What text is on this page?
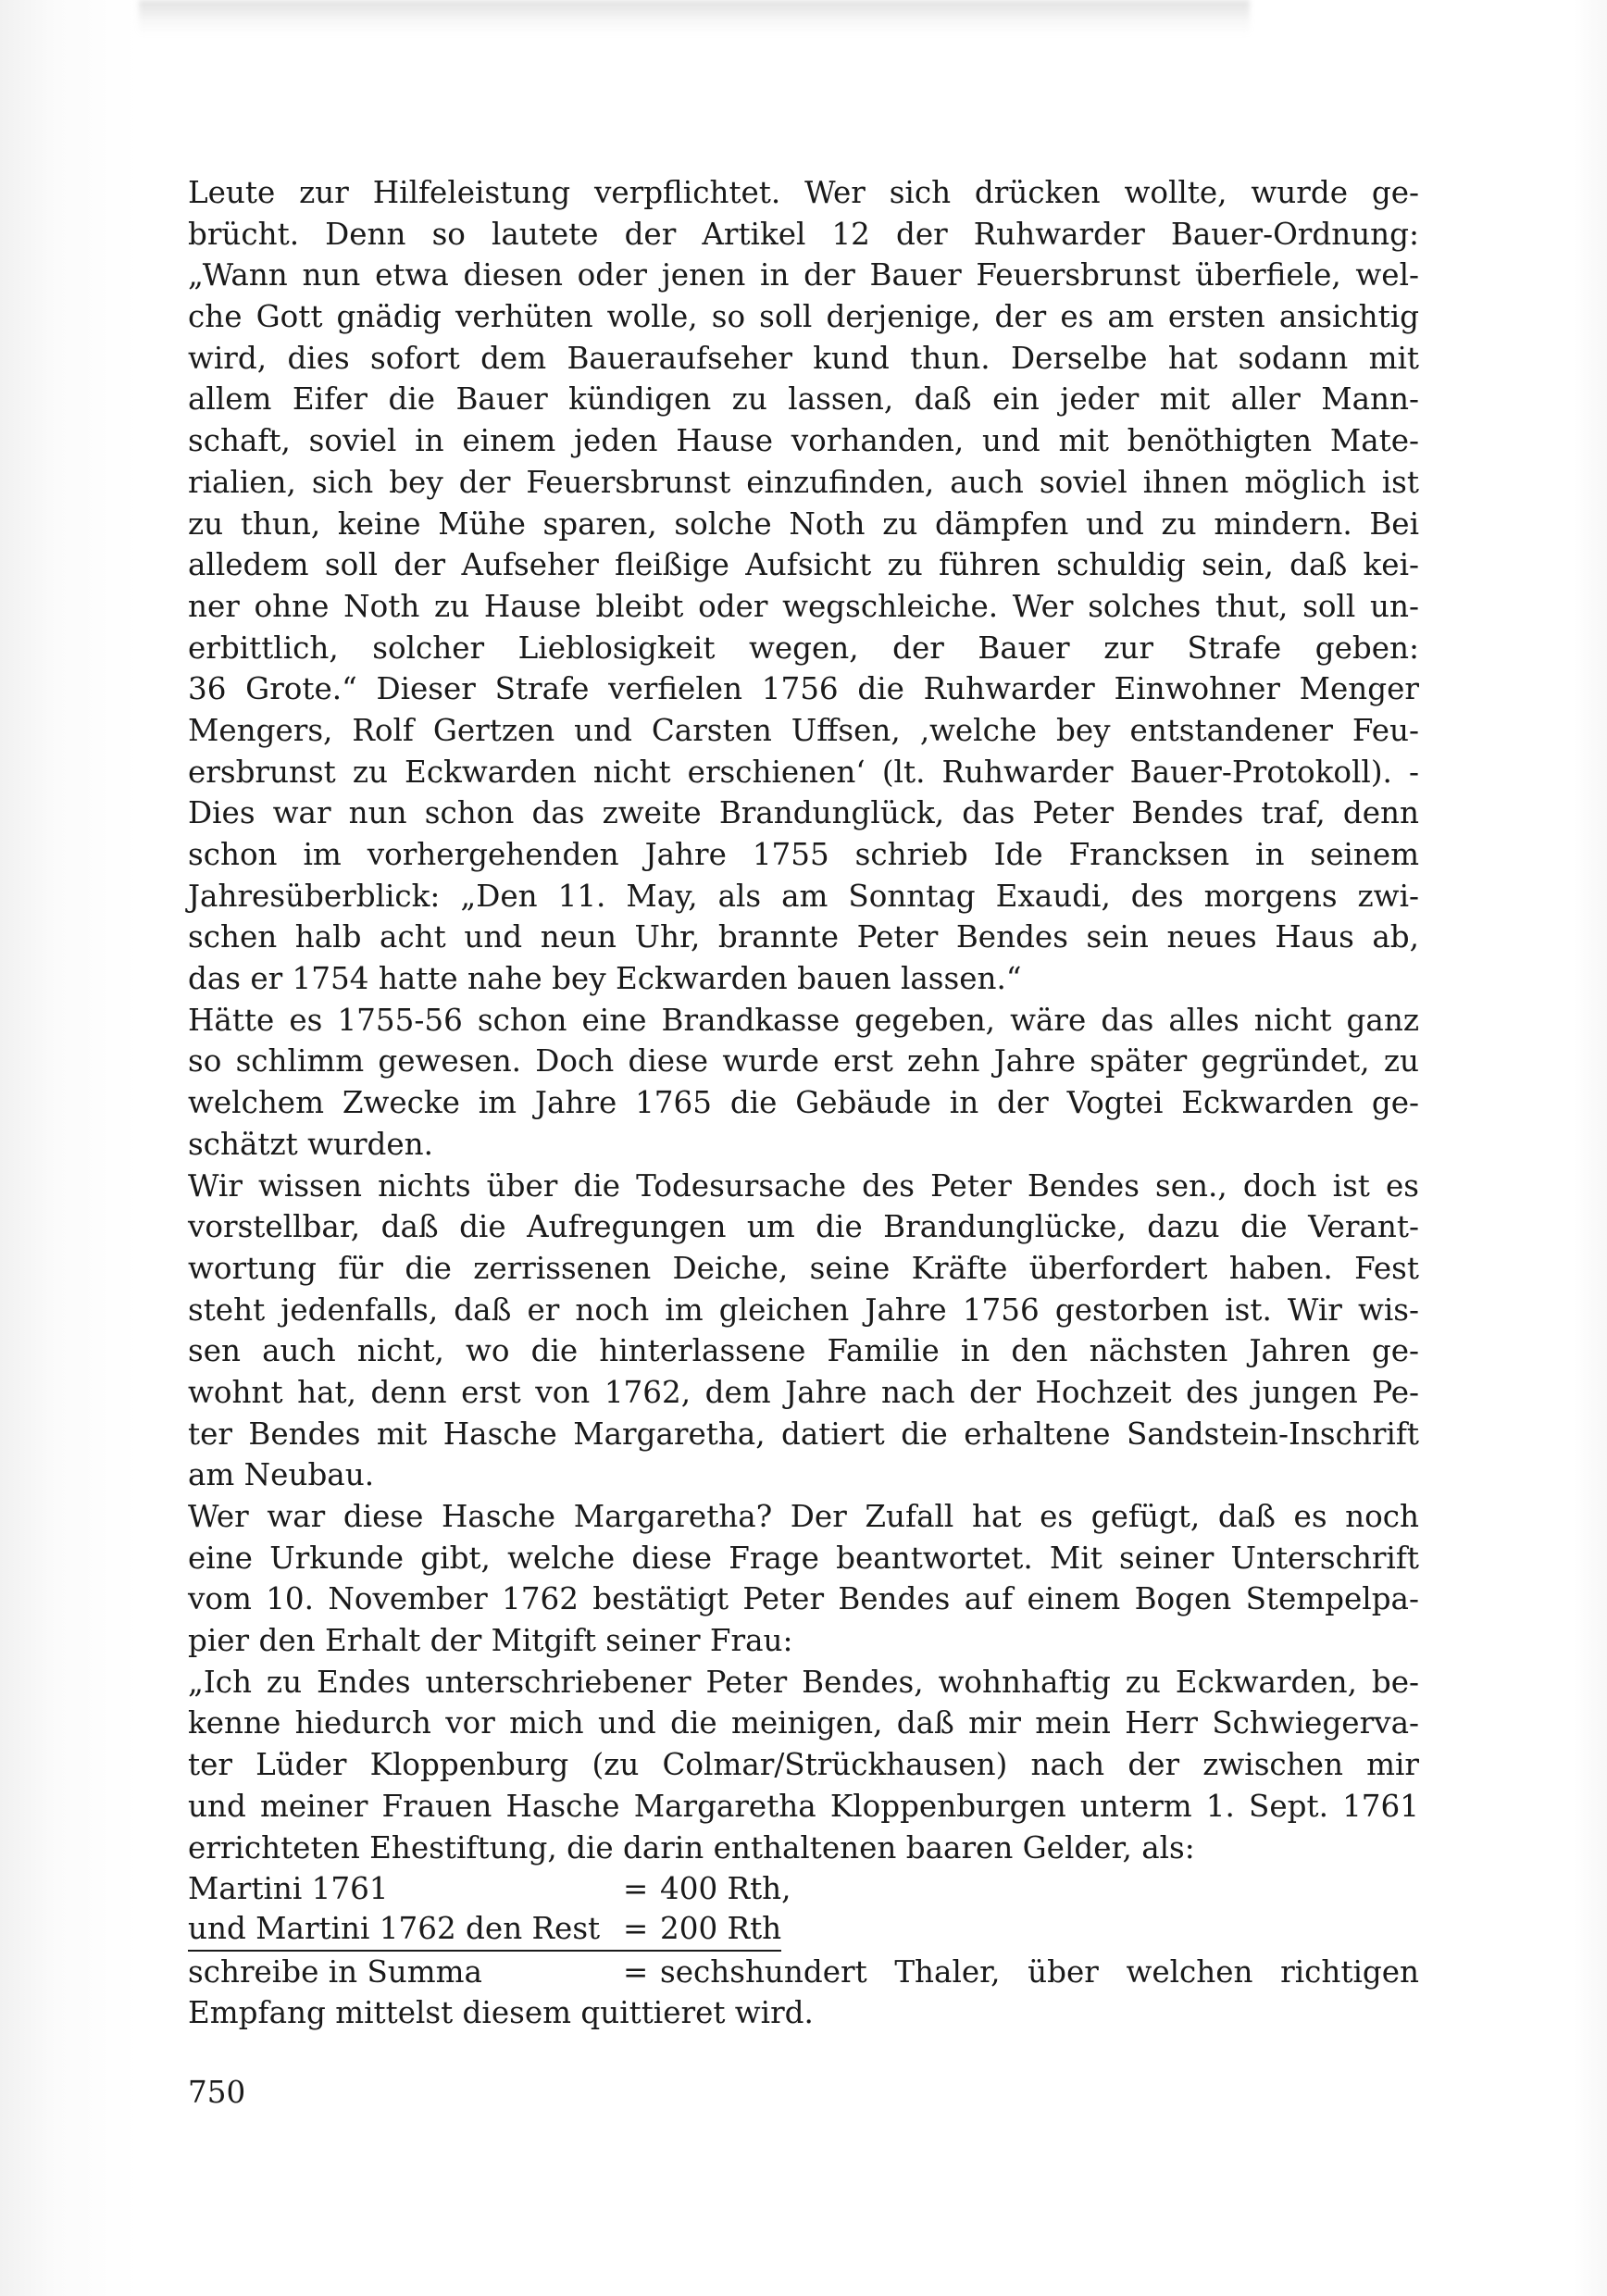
Leute zur Hilfeleistung verpflichtet. Wer sich drücken wollte, wurde ge-
brücht. Denn so lautete der Artikel 12 der Ruhwarder Bauer-Ordnung:
„Wann nun etwa diesen oder jenen in der Bauer Feuersbrunst überfiele, wel-
che Gott gnädig verhüten wolle, so soll derjenige, der es am ersten ansichtig
wird, dies sofort dem Baueraufseher kund thun. Derselbe hat sodann mit
allem Eifer die Bauer kündigen zu lassen, daß ein jeder mit aller Mann-
schaft, soviel in einem jeden Hause vorhanden, und mit benöthigten Mate-
rialien, sich bey der Feuersbrunst einzufinden, auch soviel ihnen möglich ist
zu thun, keine Mühe sparen, solche Noth zu dämpfen und zu mindern. Bei
alledem soll der Aufseher fleißige Aufsicht zu führen schuldig sein, daß kei-
ner ohne Noth zu Hause bleibt oder wegschleiche. Wer solches thut, soll un-
erbittlich, solcher Lieblosigkeit wegen, der Bauer zur Strafe geben:
36 Grote.“ Dieser Strafe verfielen 1756 die Ruhwarder Einwohner Menger
Mengers, Rolf Gertzen und Carsten Uffsen, ‚welche bey entstandener Feu-
ersbrunst zu Eckwarden nicht erschienen‘ (lt. Ruhwarder Bauer-Protokoll). -
Dies war nun schon das zweite Brandunglück, das Peter Bendes traf, denn
schon im vorhergehenden Jahre 1755 schrieb Ide Francksen in seinem
Jahresüberblick: „Den 11. May, als am Sonntag Exaudi, des morgens zwi-
schen halb acht und neun Uhr, brannte Peter Bendes sein neues Haus ab,
das er 1754 hatte nahe bey Eckwarden bauen lassen.“
Hätte es 1755-56 schon eine Brandkasse gegeben, wäre das alles nicht ganz
so schlimm gewesen. Doch diese wurde erst zehn Jahre später gegründet, zu
welchem Zwecke im Jahre 1765 die Gebäude in der Vogtei Eckwarden ge-
schätzt wurden.
Wir wissen nichts über die Todesursache des Peter Bendes sen., doch ist es
vorstellbar, daß die Aufregungen um die Brandunglücke, dazu die Verant-
wortung für die zerrissenen Deiche, seine Kräfte überfordert haben. Fest
steht jedenfalls, daß er noch im gleichen Jahre 1756 gestorben ist. Wir wis-
sen auch nicht, wo die hinterlassene Familie in den nächsten Jahren ge-
wohnt hat, denn erst von 1762, dem Jahre nach der Hochzeit des jungen Pe-
ter Bendes mit Hasche Margaretha, datiert die erhaltene Sandstein-Inschrift
am Neubau.
Wer war diese Hasche Margaretha? Der Zufall hat es gefügt, daß es noch
eine Urkunde gibt, welche diese Frage beantwortet. Mit seiner Unterschrift
vom 10. November 1762 bestätigt Peter Bendes auf einem Bogen Stempelpa-
pier den Erhalt der Mitgift seiner Frau:
„Ich zu Endes unterschriebener Peter Bendes, wohnhaftig zu Eckwarden, be-
kenne hiedurch vor mich und die meinigen, daß mir mein Herr Schwiegerva-
ter Lüder Kloppenburg (zu Colmar/Strückhausen) nach der zwischen mir
und meiner Frauen Hasche Margaretha Kloppenburgen unterm 1. Sept. 1761
errichteten Ehestiftung, die darin enthaltenen baaren Gelder, als:
Martini 1761	= 400 Rth,
und Martini 1762 den Rest = 200 Rth
schreibe in Summa	= sechshundert Thaler, über welchen richtigen
Empfang mittelst diesem quittieret wird.

750
